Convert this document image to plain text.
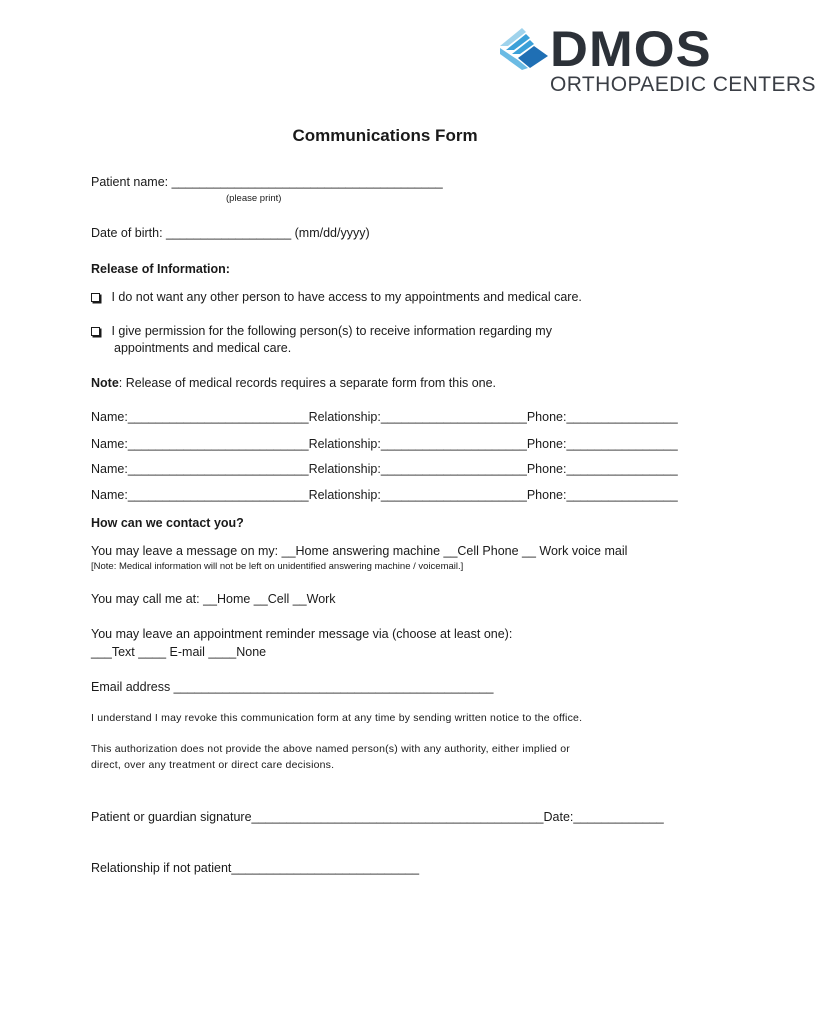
DMOS
ORTHOPAEDIC CENTERS
Communications Form
Patient name: _______________________________________
(please print)
Date of birth: __________________ (mm/dd/yyyy)
Release of Information:
I do not want any other person to have access to my appointments and medical care.
I give permission for the following person(s) to receive information regarding my
appointments and medical care.
Note: Release of medical records requires a separate form from this one.
Name:__________________________Relationship:_____________________Phone:________________
Name:__________________________Relationship:_____________________Phone:________________
Name:__________________________Relationship:_____________________Phone:________________
Name:__________________________Relationship:_____________________Phone:________________
How can we contact you?
You may leave a message on my: __Home answering machine __Cell Phone __ Work voice mail
[Note: Medical information will not be left on unidentified answering machine / voicemail.]
You may call me at: __Home __Cell __Work
You may leave an appointment reminder message via (choose at least one):
___Text ____ E-mail ____None
Email address ______________________________________________
I understand I may revoke this communication form at any time by sending written notice to the office.
This authorization does not provide the above named person(s) with any authority, either implied or
direct, over any treatment or direct care decisions.
Patient or guardian signature__________________________________________Date:_____________
Relationship if not patient___________________________
